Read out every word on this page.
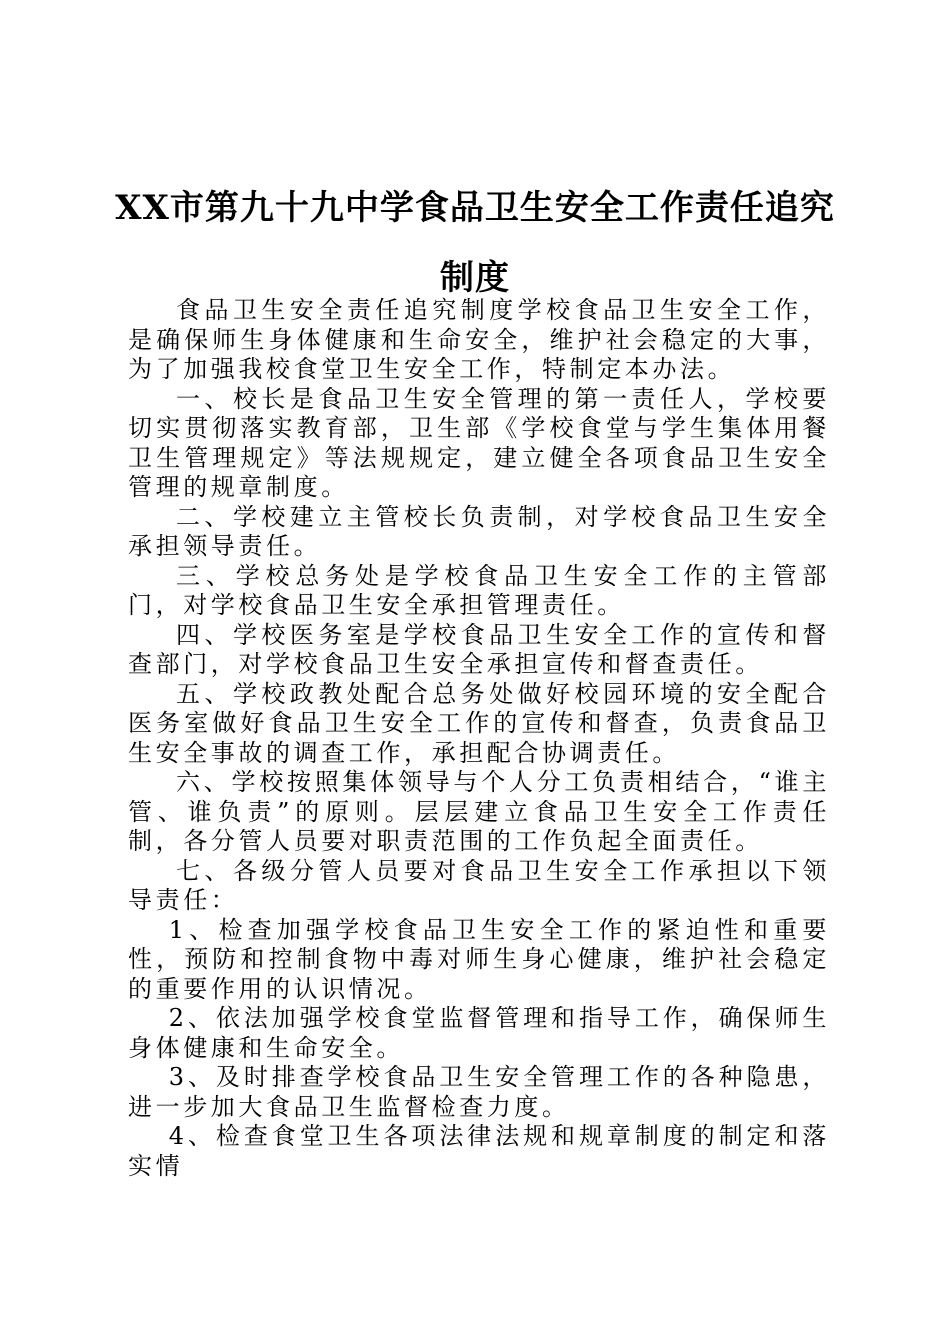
XX市第九十九中学食品卫生安全工作责任追究制度

食品卫生安全责任追究制度学校食品卫生安全工作，是确保师生身体健康和生命安全，维护社会稳定的大事，为了加强我校食堂卫生安全工作，特制定本办法。

一、校长是食品卫生安全管理的第一责任人，学校要切实贯彻落实教育部，卫生部《学校食堂与学生集体用餐卫生管理规定》等法规规定，建立健全各项食品卫生安全管理的规章制度。

二、学校建立主管校长负责制，对学校食品卫生安全承担领导责任。

三、学校总务处是学校食品卫生安全工作的主管部门，对学校食品卫生安全承担管理责任。

四、学校医务室是学校食品卫生安全工作的宣传和督查部门，对学校食品卫生安全承担宣传和督查责任。

五、学校政教处配合总务处做好校园环境的安全配合医务室做好食品卫生安全工作的宣传和督查，负责食品卫生安全事故的调查工作，承担配合协调责任。

六、学校按照集体领导与个人分工负责相结合，“谁主管、谁负责”的原则。层层建立食品卫生安全工作责任制，各分管人员要对职责范围的工作负起全面责任。

七、各级分管人员要对食品卫生安全工作承担以下领导责任：

1、检查加强学校食品卫生安全工作的紧迫性和重要性，预防和控制食物中毒对师生身心健康，维护社会稳定的重要作用的认识情况。

2、依法加强学校食堂监督管理和指导工作，确保师生身体健康和生命安全。

3、及时排查学校食品卫生安全管理工作的各种隐患，进一步加大食品卫生监督检查力度。

4、检查食堂卫生各项法律法规和规章制度的制定和落实情
